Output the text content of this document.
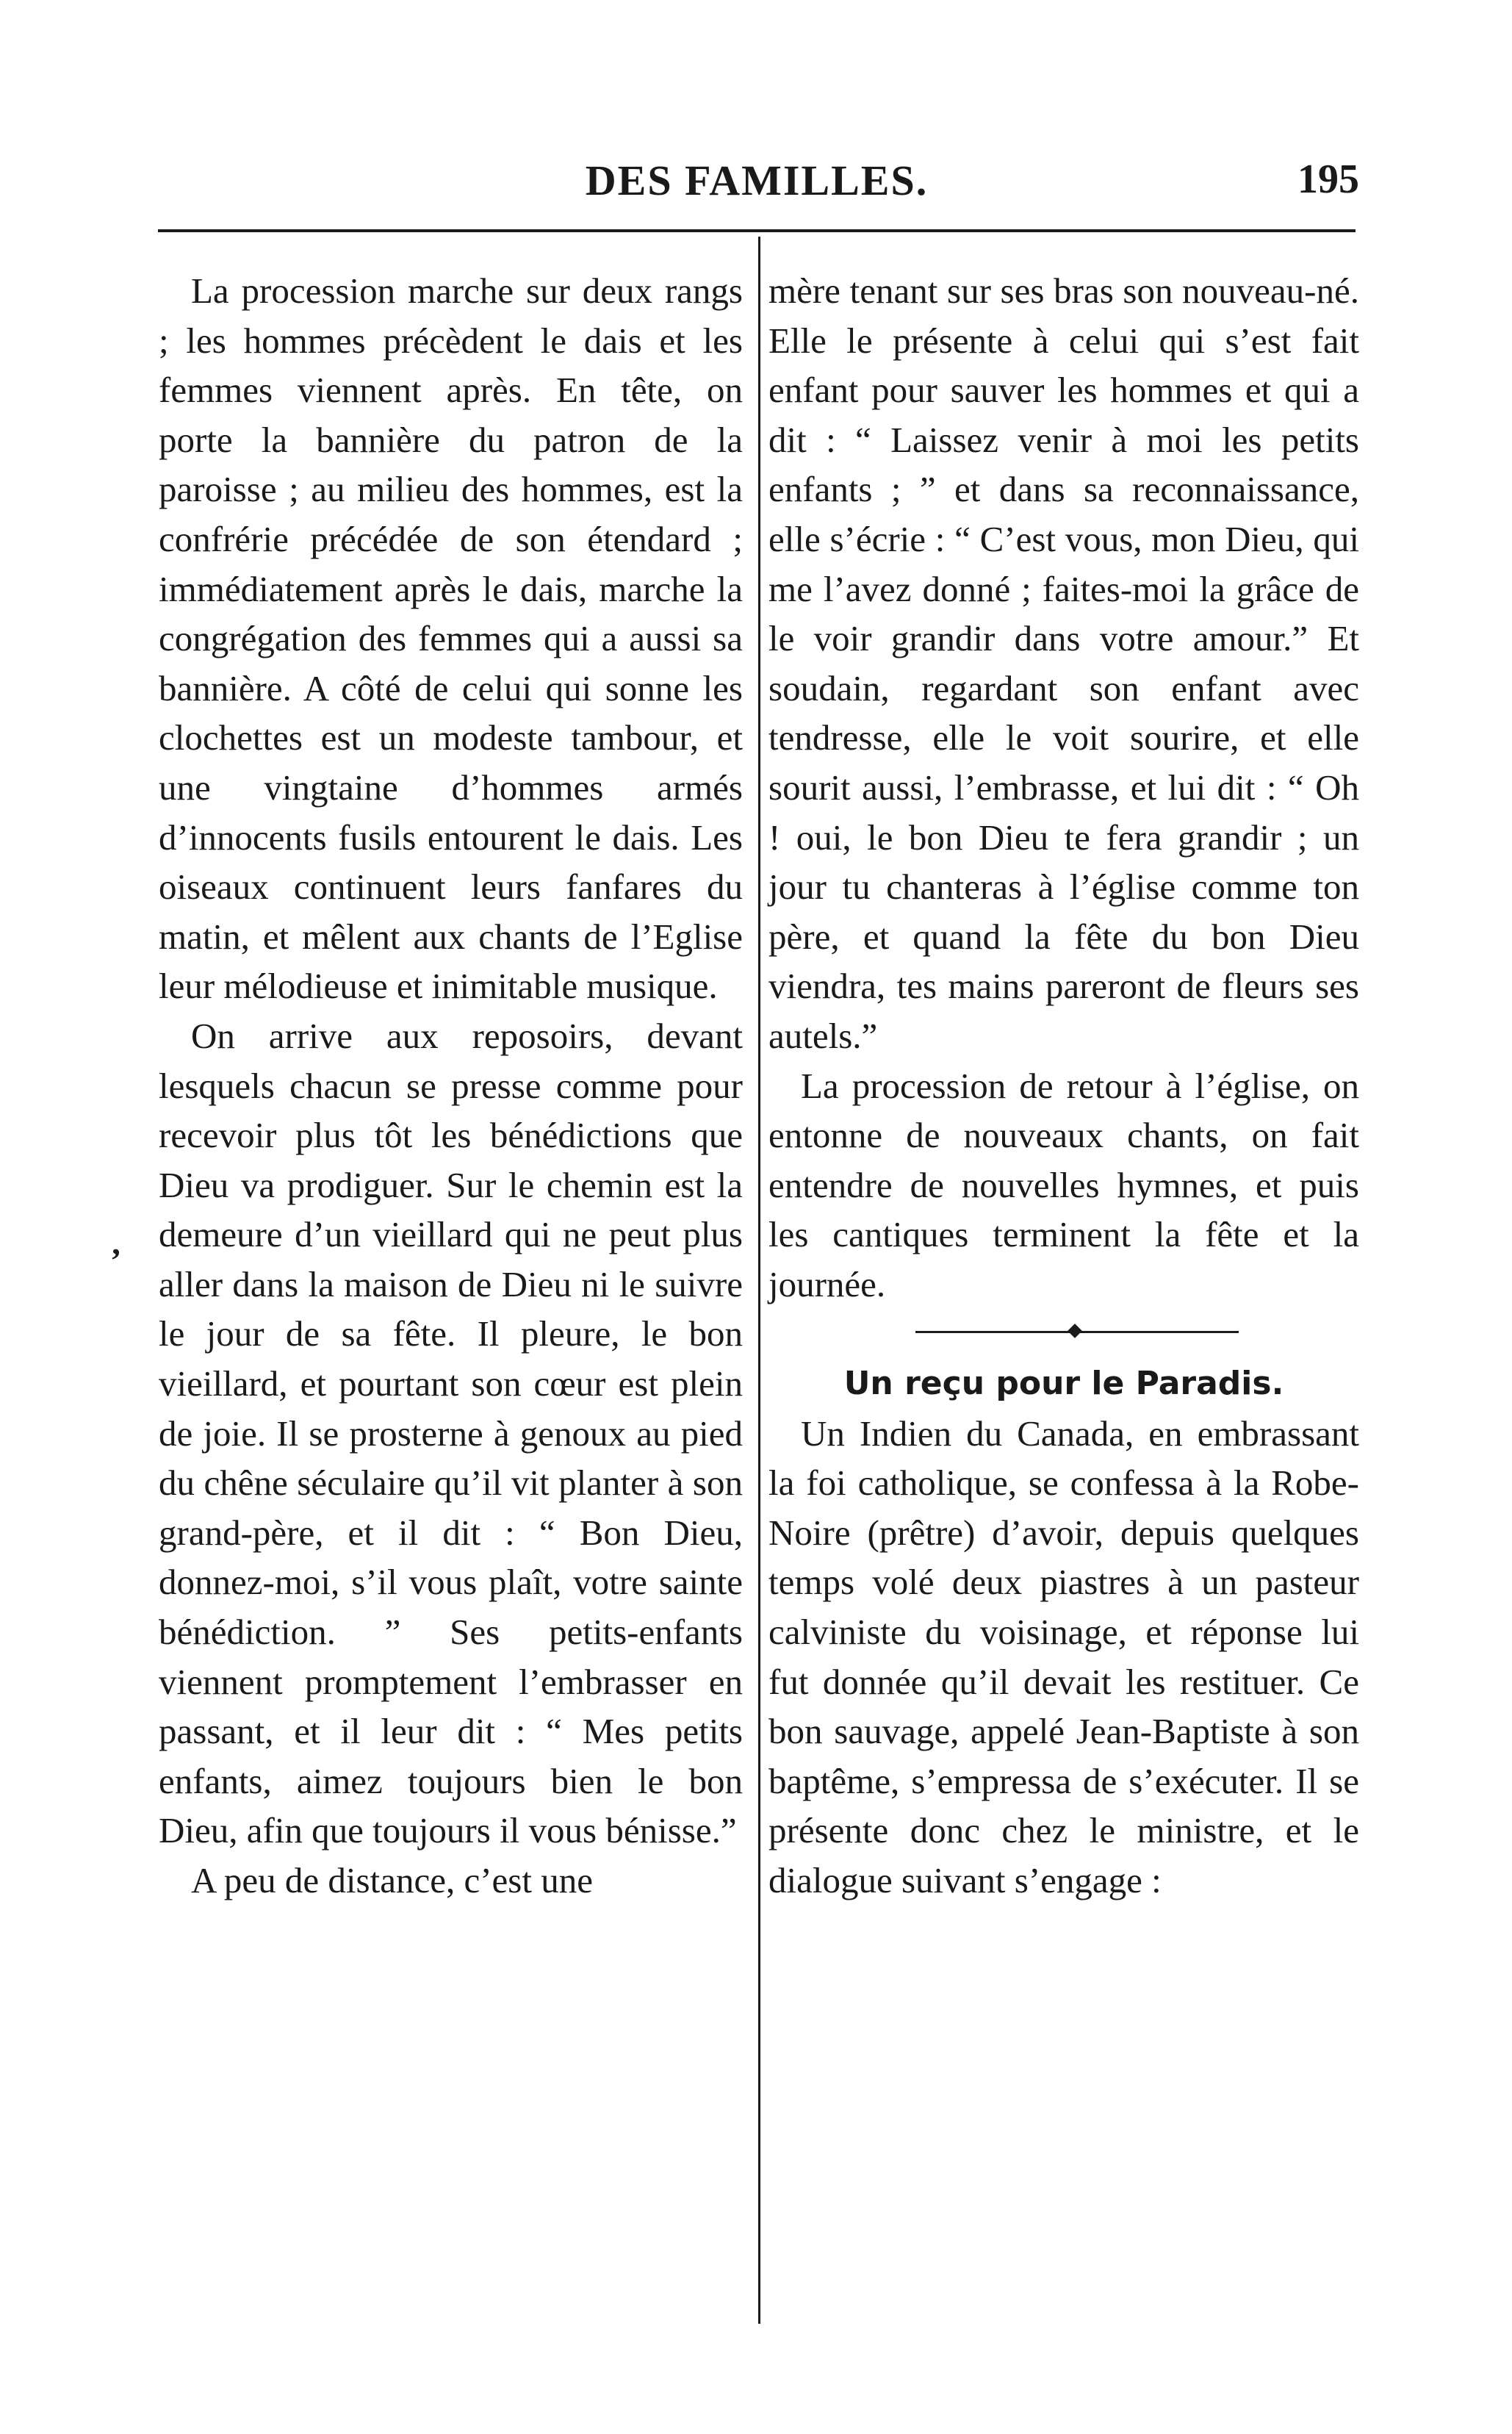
DES FAMILLES.	195
’

La procession marche sur deux rangs ; les hommes précèdent le dais et les femmes viennent après. En tête, on porte la bannière du patron de la paroisse ; au milieu des hommes, est la confrérie précédée de son étendard ; immédiatement après le dais, marche la congrégation des femmes qui a aussi sa bannière. A côté de celui qui sonne les clochettes est un modeste tambour, et une vingtaine d’hommes armés d’innocents fusils entourent le dais. Les oiseaux continuent leurs fanfares du matin, et mêlent aux chants de l’Eglise leur mélodieuse et inimitable musique.

On arrive aux reposoirs, devant lesquels chacun se presse comme pour recevoir plus tôt les bénédictions que Dieu va prodiguer. Sur le chemin est la demeure d’un vieillard qui ne peut plus aller dans la maison de Dieu ni le suivre le jour de sa fête. Il pleure, le bon vieillard, et pourtant son cœur est plein de joie. Il se prosterne à genoux au pied du chêne séculaire qu’il vit planter à son grand-père, et il dit : “ Bon Dieu, donnez-moi, s’il vous plaît, votre sainte bénédiction. ” Ses petits-enfants viennent promptement l’embrasser en passant, et il leur dit : “ Mes petits enfants, aimez toujours bien le bon Dieu, afin que toujours il vous bénisse.”

A peu de distance, c’est une

mère tenant sur ses bras son nouveau-né. Elle le présente à celui qui s’est fait enfant pour sauver les hommes et qui a dit : “ Laissez venir à moi les petits enfants ; ” et dans sa reconnaissance, elle s’écrie : “ C’est vous, mon Dieu, qui me l’avez donné ; faites-moi la grâce de le voir grandir dans votre amour.” Et soudain, regardant son enfant avec tendresse, elle le voit sourire, et elle sourit aussi, l’embrasse, et lui dit : “ Oh ! oui, le bon Dieu te fera grandir ; un jour tu chanteras à l’église comme ton père, et quand la fête du bon Dieu viendra, tes mains pareront de fleurs ses autels.”

La procession de retour à l’église, on entonne de nouveaux chants, on fait entendre de nouvelles hymnes, et puis les cantiques terminent la fête et la journée.

Un reçu pour le Paradis.

Un Indien du Canada, en embrassant la foi catholique, se confessa à la Robe-Noire (prêtre) d’avoir, depuis quelques temps volé deux piastres à un pasteur calviniste du voisinage, et réponse lui fut donnée qu’il devait les restituer. Ce bon sauvage, appelé Jean-Baptiste à son baptême, s’empressa de s’exécuter. Il se présente donc chez le ministre, et le dialogue suivant s’engage :
